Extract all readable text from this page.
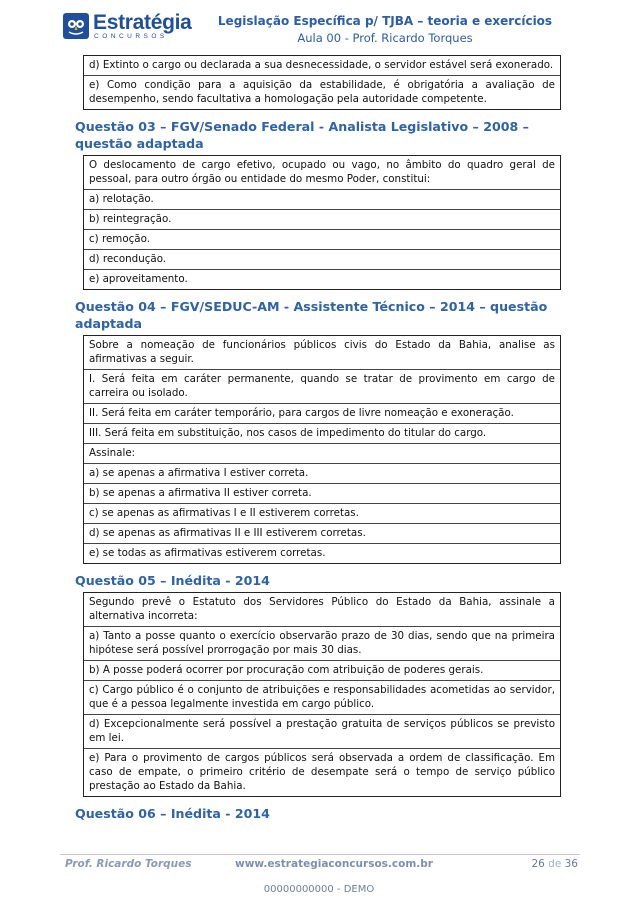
Estratégia
CONCURSOS
Legislação Específica p/ TJBA – teoria e exercícios
Aula 00 - Prof. Ricardo Torques
d) Extinto o cargo ou declarada a sua desnecessidade, o servidor estável será exonerado.
e) Como condição para a aquisição da estabilidade, é obrigatória a avaliação de desempenho, sendo facultativa a homologação pela autoridade competente.
Questão 03 – FGV/Senado Federal - Analista Legislativo – 2008 – questão adaptada
O deslocamento de cargo efetivo, ocupado ou vago, no âmbito do quadro geral de pessoal, para outro órgão ou entidade do mesmo Poder, constitui:
a) relotação.
b) reintegração.
c) remoção.
d) recondução.
e) aproveitamento.
Questão 04 – FGV/SEDUC-AM - Assistente Técnico – 2014 – questão adaptada
Sobre a nomeação de funcionários públicos civis do Estado da Bahia, analise as afirmativas a seguir.
I. Será feita em caráter permanente, quando se tratar de provimento em cargo de carreira ou isolado.
II. Será feita em caráter temporário, para cargos de livre nomeação e exoneração.
III. Será feita em substituição, nos casos de impedimento do titular do cargo.
Assinale:
a) se apenas a afirmativa I estiver correta.
b) se apenas a afirmativa II estiver correta.
c) se apenas as afirmativas I e II estiverem corretas.
d) se apenas as afirmativas II e III estiverem corretas.
e) se todas as afirmativas estiverem corretas.
Questão 05 – Inédita - 2014
Segundo prevê o Estatuto dos Servidores Público do Estado da Bahia, assinale a alternativa incorreta:
a) Tanto a posse quanto o exercício observarão prazo de 30 dias, sendo que na primeira hipótese será possível prorrogação por mais 30 dias.
b) A posse poderá ocorrer por procuração com atribuição de poderes gerais.
c) Cargo público é o conjunto de atribuições e responsabilidades acometidas ao servidor, que é a pessoa legalmente investida em cargo público.
d) Excepcionalmente será possível a prestação gratuita de serviços públicos se previsto em lei.
e) Para o provimento de cargos públicos será observada a ordem de classificação. Em caso de empate, o primeiro critério de desempate será o tempo de serviço público prestação ao Estado da Bahia.
Questão 06 – Inédita - 2014
Prof. Ricardo Torques	www.estrategiaconcursos.com.br	26 de 36
00000000000 - DEMO
